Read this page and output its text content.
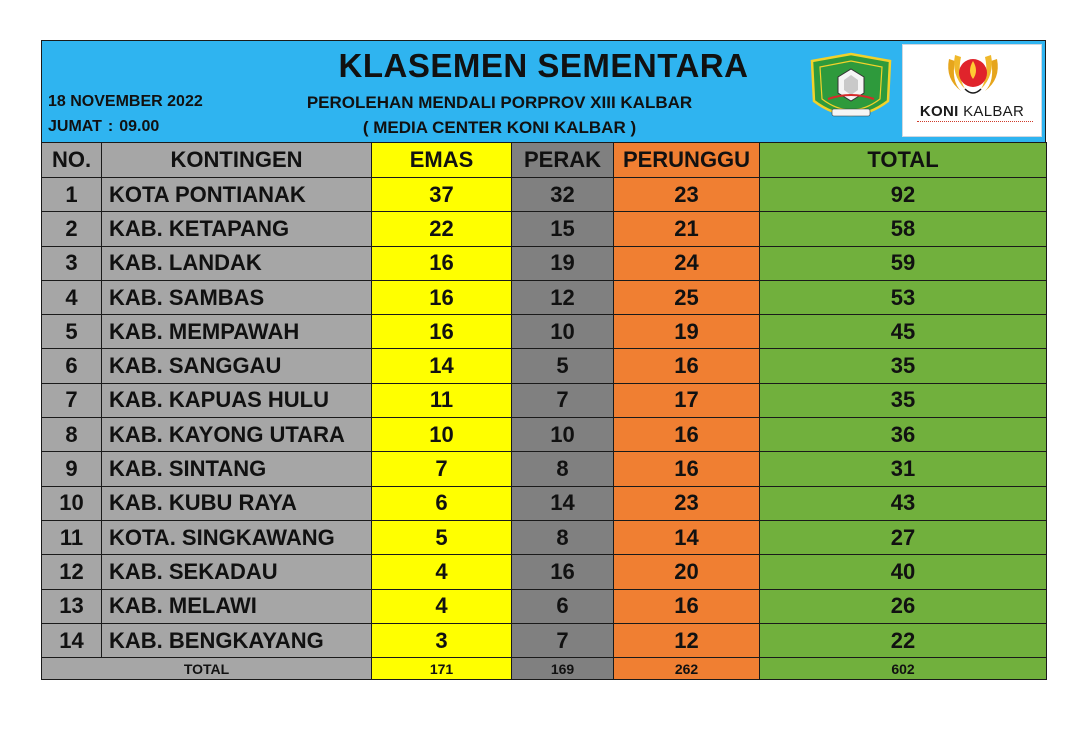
KLASEMEN SEMENTARA
18 NOVEMBER 2022
JUMAT : 09.00
PEROLEHAN MENDALI PORPROV XIII KALBAR
( MEDIA CENTER KONI KALBAR )
KONI KALBAR
NO.	KONTINGEN	EMAS	PERAK	PERUNGGU	TOTAL
1	KOTA PONTIANAK	37	32	23	92
2	KAB. KETAPANG	22	15	21	58
3	KAB. LANDAK	16	19	24	59
4	KAB. SAMBAS	16	12	25	53
5	KAB. MEMPAWAH	16	10	19	45
6	KAB. SANGGAU	14	5	16	35
7	KAB. KAPUAS HULU	11	7	17	35
8	KAB. KAYONG UTARA	10	10	16	36
9	KAB. SINTANG	7	8	16	31
10	KAB. KUBU RAYA	6	14	23	43
11	KOTA. SINGKAWANG	5	8	14	27
12	KAB. SEKADAU	4	16	20	40
13	KAB. MELAWI	4	6	16	26
14	KAB. BENGKAYANG	3	7	12	22
TOTAL		171	169	262	602
